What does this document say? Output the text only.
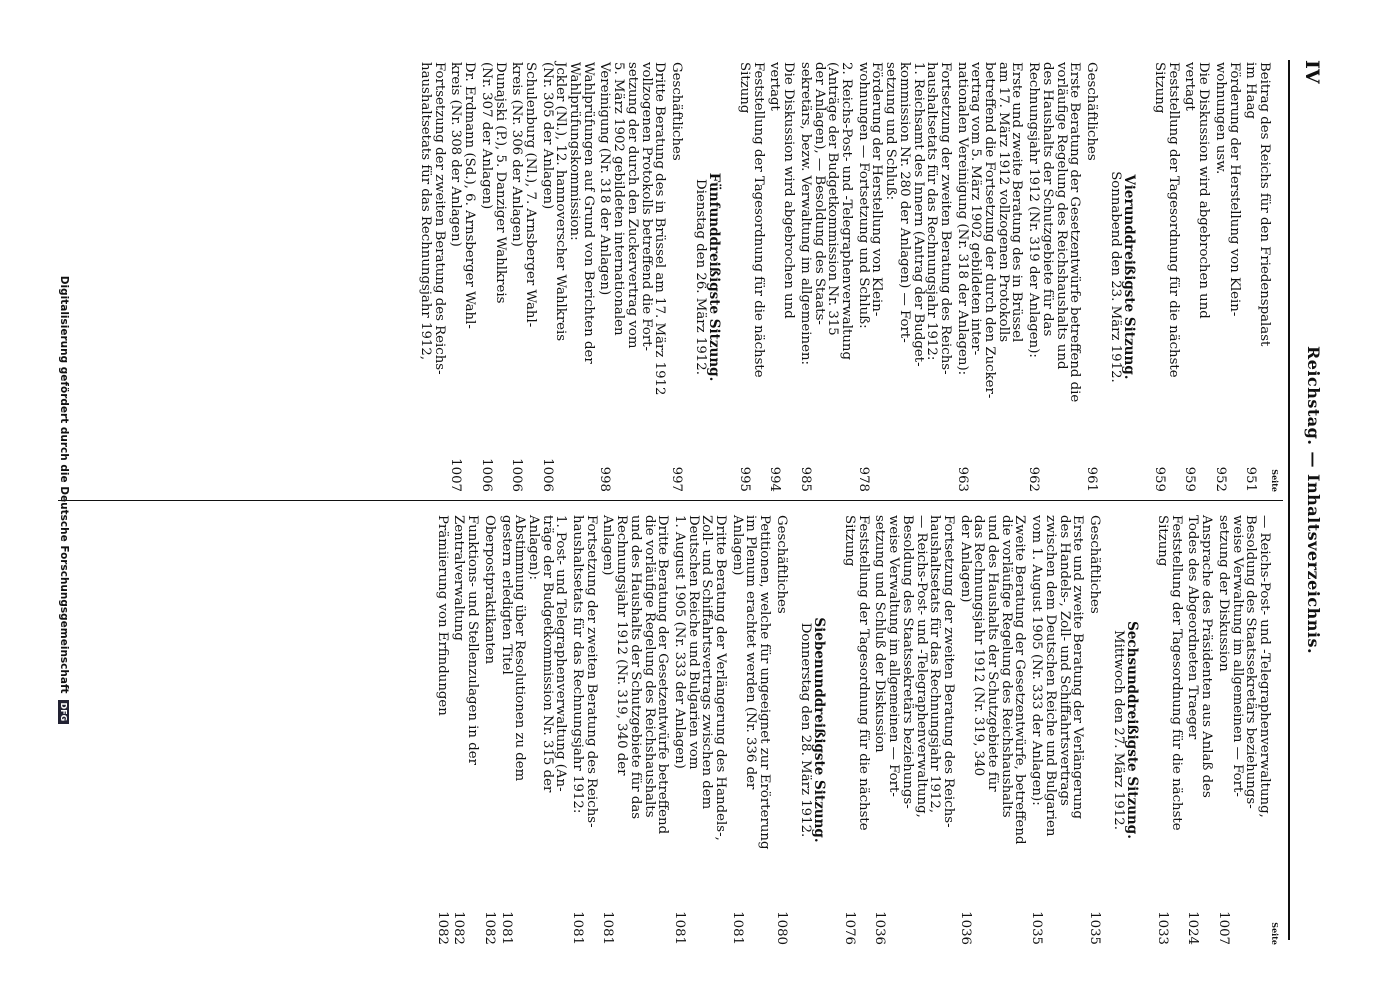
IV
Reichstag. — Inhaltsverzeichnis.
Seite
Beitrag des Reichs für den Friedenspalast
im Haag
951
Förderung der Herstellung von Klein-
wohnungen usw.
952
Die Diskussion wird abgebrochen und
vertagt
959
Feststellung der Tagesordnung für die nächste
Sitzung
959
Vierunddreißigste Sitzung.
Sonnabend den 23. März 1912.
Geschäftliches
961
Erste Beratung der Gesetzentwürfe betreffend die
vorläufige Regelung des Reichshaushalts und
des Haushalts der Schutzgebiete für das
Rechnungsjahr 1912 (Nr. 319 der Anlagen):
962
Erste und zweite Beratung des in Brüssel
am 17. März 1912 vollzogenen Protokolls
betreffend die Fortsetzung der durch den Zucker-
vertrag vom 5. März 1902 gebildeten inter-
nationalen Vereinigung (Nr. 318 der Anlagen):
963
Fortsetzung der zweiten Beratung des Reichs-
haushaltsetats für das Rechnungsjahr 1912:
1. Reichsamt des Innern (Antrag der Budget-
kommission Nr. 280 der Anlagen) — Fort-
setzung und Schluß:
Förderung der Herstellung von Klein-
wohnungen — Fortsetzung und Schluß:
978
2. Reichs-Post- und -Telegraphenverwaltung
(Anträge der Budgetkommission Nr. 315
der Anlagen), — Besoldung des Staats-
sekretärs, bezw. Verwaltung im allgemeinen:
985
Die Diskussion wird abgebrochen und
vertagt
994
Feststellung der Tagesordnung für die nächste
Sitzung
995
Fünfunddreißigste Sitzung.
Dienstag den 26. März 1912.
Geschäftliches
997
Dritte Beratung des in Brüssel am 17. März 1912
vollzogenen Protokolls betreffend die Fort-
setzung der durch den Zuckervertrag vom
5. März 1902 gebildeten internationalen
Vereinigung (Nr. 318 der Anlagen)
998
Wahlprüfungen auf Grund von Berichten der
Wahlprüfungskommission:
Jckler (Nl.), 12. hannoverscher Wahlkreis
(Nr. 305 der Anlagen)
1006
Schulenburg (Nl.), 7. Arnsberger Wahl-
kreis (Nr. 306 der Anlagen)
1006
Dunajski (P.), 5. Danziger Wahlkreis
(Nr. 307 der Anlagen)
1006
Dr. Erdmann (Sd.), 6. Arnsberger Wahl-
kreis (Nr. 308 der Anlagen)
1007
Fortsetzung der zweiten Beratung des Reichs-
haushaltsetats für das Rechnungsjahr 1912,
Seite
— Reichs-Post- und -Telegraphenverwaltung,
Besoldung des Staatssekretärs beziehungs-
weise Verwaltung im allgemeinen — Fort-
setzung der Diskussion
1007
Ansprache des Präsidenten aus Anlaß des
Todes des Abgeordneten Traeger
1024
Feststellung der Tagesordnung für die nächste
Sitzung
1033
Sechsunddreißigste Sitzung.
Mittwoch den 27. März 1912.
Geschäftliches
1035
Erste und zweite Beratung der Verlängerung
des Handels-, Zoll- und Schiffahrtsvertrags
zwischen dem Deutschen Reiche und Bulgarien
vom 1. August 1905 (Nr. 333 der Anlagen):
1035
Zweite Beratung der Gesetzentwürfe, betreffend
die vorläufige Regelung des Reichshaushalts
und des Haushalts der Schutzgebiete für
das Rechnungsjahr 1912 (Nr. 319, 340
der Anlagen)
1036
Fortsetzung der zweiten Beratung des Reichs-
haushaltsetats für das Rechnungsjahr 1912,
— Reichs-Post- und -Telegraphenverwaltung,
Besoldung des Staatssekretärs beziehungs-
weise Verwaltung im allgemeinen — Fort-
setzung und Schluß der Diskussion
1036
Feststellung der Tagesordnung für die nächste
Sitzung
1076
Siebenunddreißigste Sitzung.
Donnerstag den 28. März 1912.
Geschäftliches
1080
Petitionen, welche für ungeeignet zur Erörterung
im Plenum erachtet werden (Nr. 336 der
Anlagen)
1081
Dritte Beratung der Verlängerung des Handels-,
Zoll- und Schiffahrtsvertrags zwischen dem
Deutschen Reiche und Bulgarien vom
1. August 1905 (Nr. 333 der Anlagen)
1081
Dritte Beratung der Gesetzentwürfe betreffend
die vorläufige Regelung des Reichshaushalts
und des Haushalts der Schutzgebiete für das
Rechnungsjahr 1912 (Nr. 319, 340 der
Anlagen)
1081
Fortsetzung der zweiten Beratung des Reichs-
haushaltsetats für das Rechnungsjahr 1912:
1081
1. Post- und Telegraphenverwaltung (An-
träge der Budgetkommission Nr. 315 der
Anlagen):
Abstimmung über Resolutionen zu dem
gestern erledigten Titel
1081
Oberpostpraktikanten
1082
Funktions- und Stellenzulagen in der
Zentralverwaltung
1082
Prämiierung von Erfindungen
1082
Digitalisierung gefördert durch die Deutsche ForschungsgemeinschaftDFG
